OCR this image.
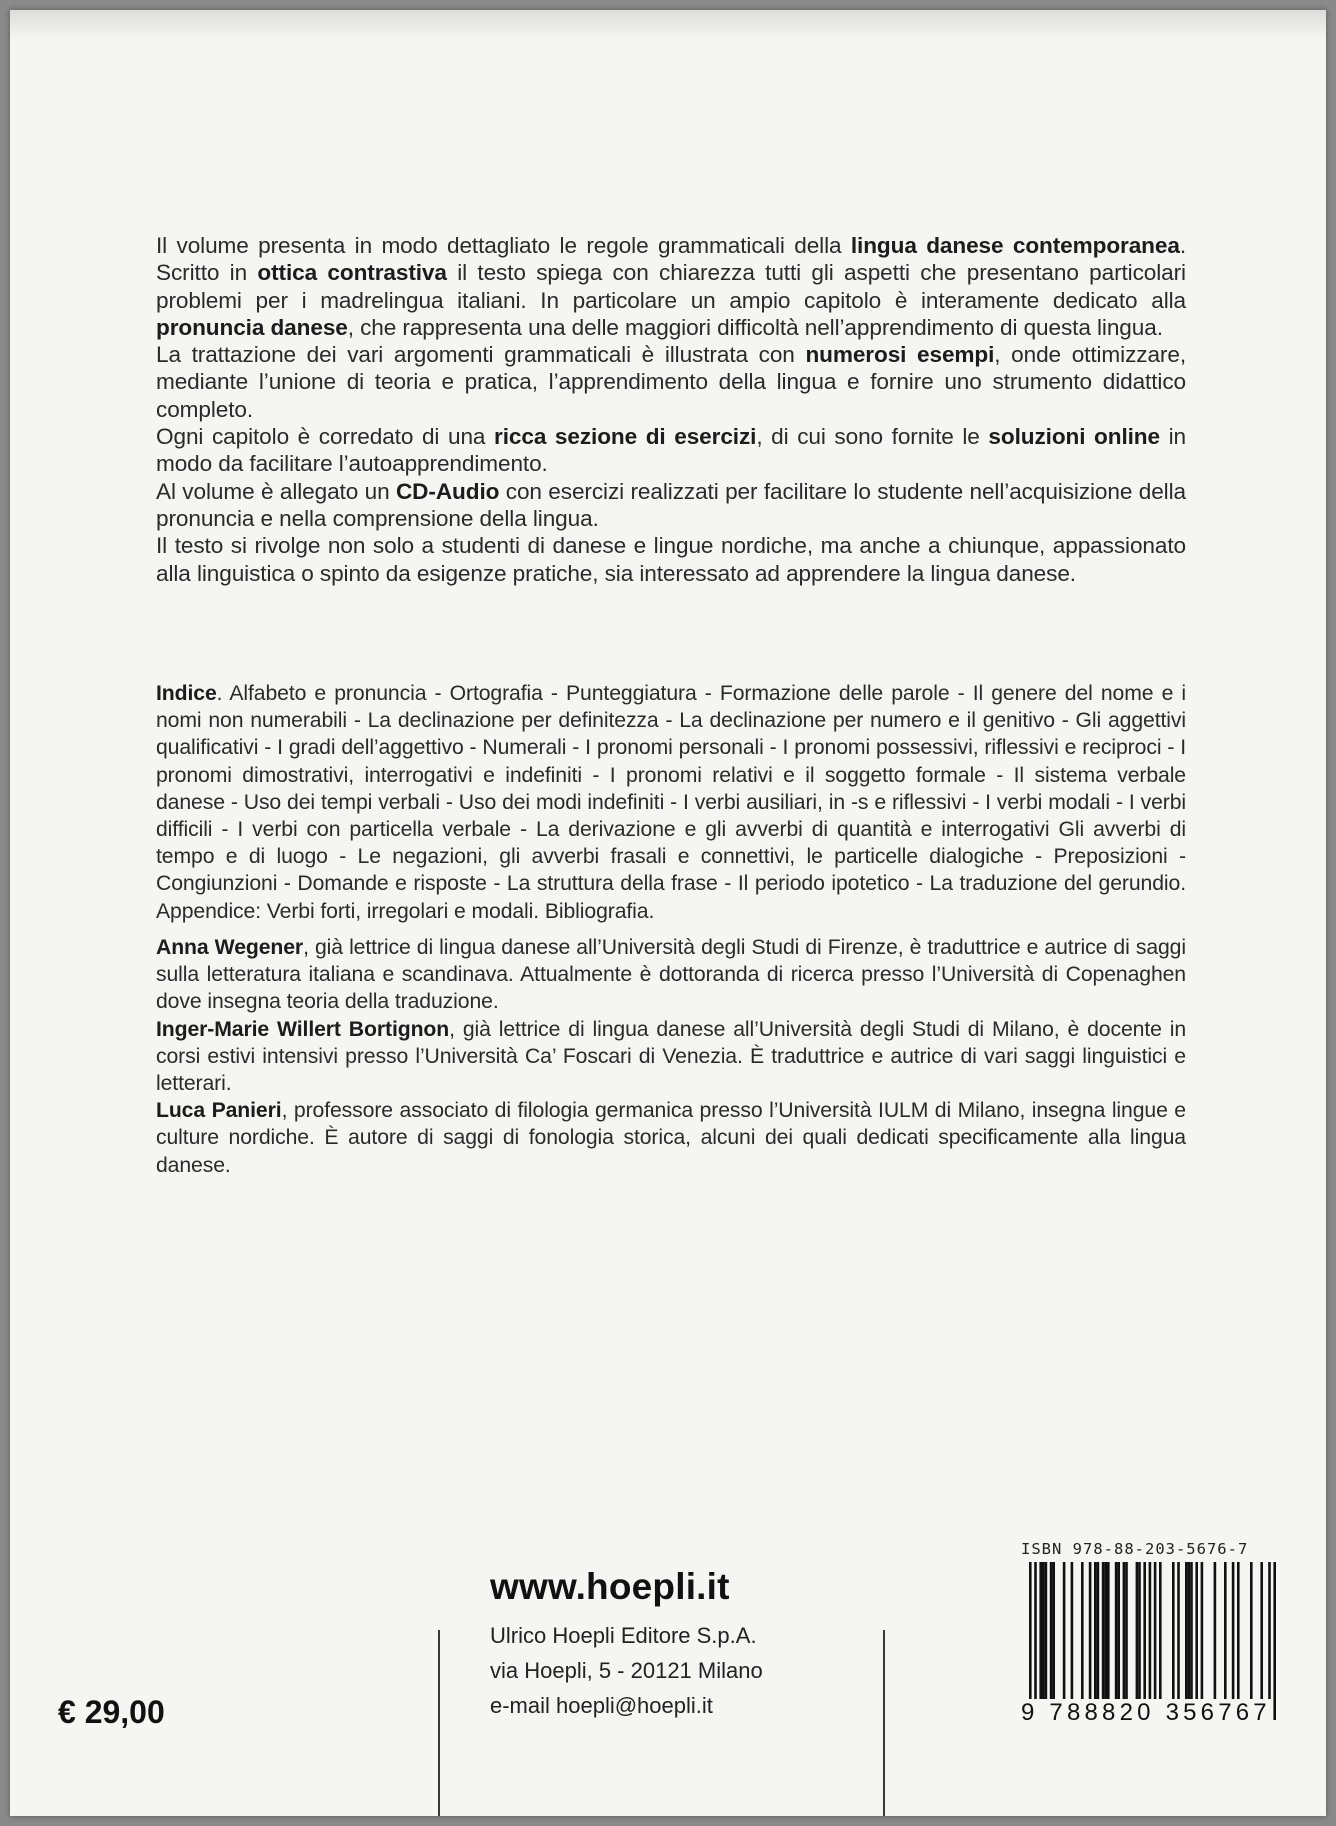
Il volume presenta in modo dettagliato le regole grammaticali della lingua danese contemporanea. Scritto in ottica contrastiva il testo spiega con chiarezza tutti gli aspetti che presentano particolari problemi per i madrelingua italiani. In particolare un ampio capitolo è interamente dedicato alla pronuncia danese, che rappresenta una delle maggiori difficoltà nell’apprendimento di questa lingua.

La trattazione dei vari argomenti grammaticali è illustrata con numerosi esempi, onde ottimizzare, mediante l’unione di teoria e pratica, l’apprendimento della lingua e fornire uno strumento didattico completo.

Ogni capitolo è corredato di una ricca sezione di esercizi, di cui sono fornite le soluzioni online in modo da facilitare l’autoapprendimento.

Al volume è allegato un CD-Audio con esercizi realizzati per facilitare lo studente nell’acquisizione della pronuncia e nella comprensione della lingua.

Il testo si rivolge non solo a studenti di danese e lingue nordiche, ma anche a chiunque, appassionato alla linguistica o spinto da esigenze pratiche, sia interessato ad apprendere la lingua danese.

Indice. Alfabeto e pronuncia - Ortografia - Punteggiatura - Formazione delle parole - Il genere del nome e i nomi non numerabili - La declinazione per definitezza - La declinazione per numero e il genitivo - Gli aggettivi qualificativi - I gradi dell’aggettivo - Numerali - I pronomi personali - I pronomi possessivi, riflessivi e reciproci - I pronomi dimostrativi, interrogativi e indefiniti - I pronomi relativi e il soggetto formale - Il sistema verbale danese - Uso dei tempi verbali - Uso dei modi indefiniti - I verbi ausiliari, in -s e riflessivi - I verbi modali - I verbi difficili - I verbi con particella verbale - La derivazione e gli avverbi di quantità e interrogativi Gli avverbi di tempo e di luogo - Le negazioni, gli avverbi frasali e connettivi, le particelle dialogiche - Preposizioni - Congiunzioni - Domande e risposte - La struttura della frase - Il periodo ipotetico - La traduzione del gerundio. Appendice: Verbi forti, irregolari e modali. Bibliografia.

Anna Wegener, già lettrice di lingua danese all’Università degli Studi di Firenze, è traduttrice e autrice di saggi sulla letteratura italiana e scandinava. Attualmente è dottoranda di ricerca presso l’Università di Copenaghen dove insegna teoria della traduzione.

Inger-Marie Willert Bortignon, già lettrice di lingua danese all’Università degli Studi di Milano, è docente in corsi estivi intensivi presso l’Università Ca’ Foscari di Venezia. È traduttrice e autrice di vari saggi linguistici e letterari.

Luca Panieri, professore associato di filologia germanica presso l’Università IULM di Milano, insegna lingue e culture nordiche. È autore di saggi di fonologia storica, alcuni dei quali dedicati specificamente alla lingua danese.

www.hoepli.it
Ulrico Hoepli Editore S.p.A.
via Hoepli, 5 - 20121 Milano
e-mail hoepli@hoepli.it
€ 29,00
ISBN 978-88-203-5676-7
9 788820 356767
